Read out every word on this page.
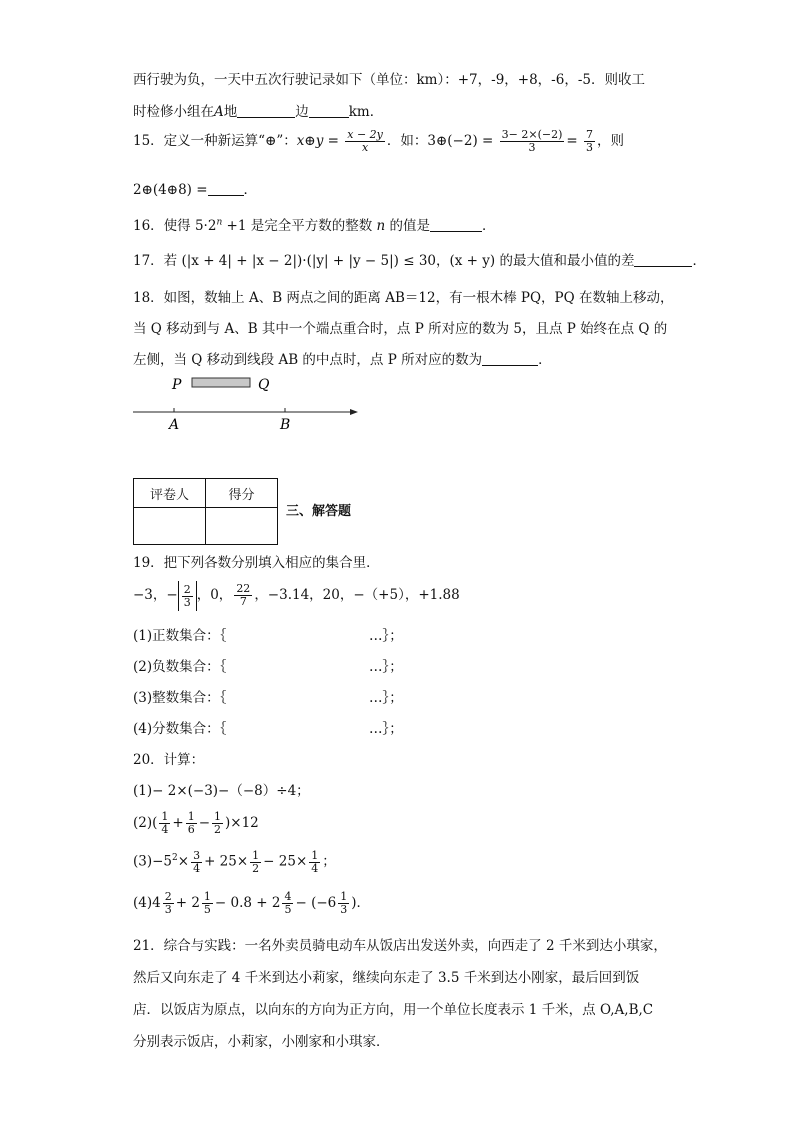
西行驶为负，一天中五次行驶记录如下（单位：km）：+7，-9，+8，-6，-5．则收工
时检修小组在A地	边	km．
15．定义一种新运算“⊕”：x⊕y = $\frac{x - 2y}{x}$ ．如：3⊕(−2) = $\frac{3- 2\times(-2)}{3} = \frac{7}{3}$ ，则
2⊕(4⊕8) =	．
16．使得 $5\cdot 2^n +1$ 是完全平方数的整数 n 的值是	．
17．若 (|x + 4| + |x − 2|)·(|y| + |y − 5|) ≤ 30，(x + y) 的最大值和最小值的差	．
18．如图，数轴上 A、B 两点之间的距离 AB＝12，有一根木棒 PQ，PQ 在数轴上移动，
当 Q 移动到与 A、B 其中一个端点重合时，点 P 所对应的数为 5，且点 P 始终在点 Q 的
左侧，当 Q 移动到线段 AB 的中点时，点 P 所对应的数为	．
P	Q
A	B
评卷人	得分

三、解答题
19．把下列各数分别填入相应的集合里．
−3，− $\frac{2}{3}$ ，0， $\frac{22}{7}$ ，−3.14，20，−（+5），+1.88
(1)正数集合：｛	…｝；
(2)负数集合：｛	…｝；
(3)整数集合：｛	…｝；
(4)分数集合：｛	…｝；
20．计算：
(1)− 2×(−3)−（−8）÷4；
$(2)( \frac{1}{4} + \frac{1}{6} - \frac{1}{2} )\times 12$
$(3)-5^2\times \frac{3}{4} + 25\times \frac{1}{2} - 25\times \frac{1}{4}$ ；
$(4)4 \frac{2}{3} + 2 \frac{1}{5} - 0.8 + 2 \frac{4}{5} - (-6 \frac{1}{3}$ )．
21．综合与实践：一名外卖员骑电动车从饭店出发送外卖，向西走了 2 千米到达小琪家，
然后又向东走了 4 千米到达小莉家，继续向东走了 3.5 千米到达小刚家，最后回到饭
店．以饭店为原点，以向东的方向为正方向，用一个单位长度表示 1 千米，点 O,A,B,C
分别表示饭店，小莉家，小刚家和小琪家．
